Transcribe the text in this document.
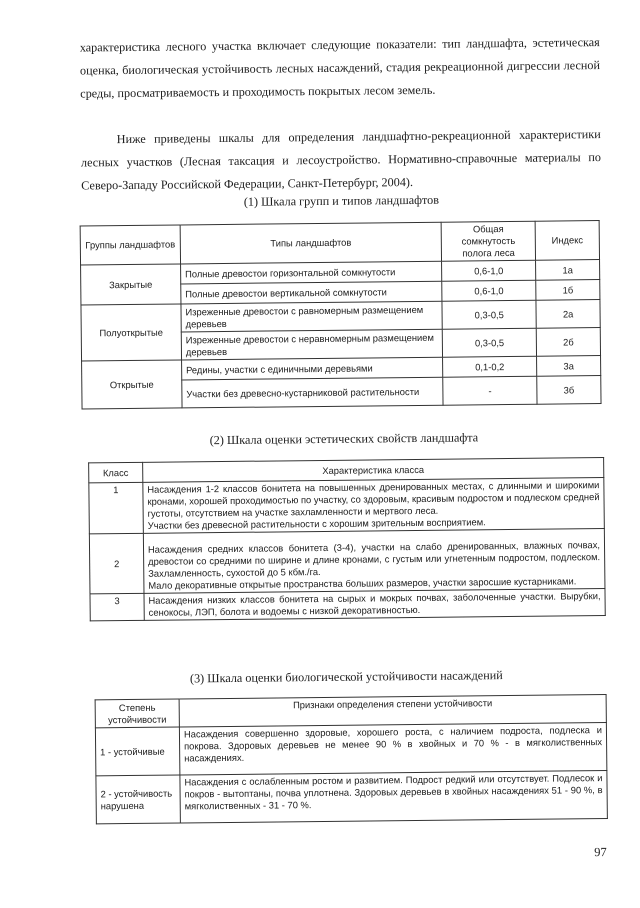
характеристика лесного участка включает следующие показатели: тип ландшафта, эстетическая оценка, биологическая устойчивость лесных насаждений, стадия рекреационной дигрессии лесной среды, просматриваемость и проходимость покрытых лесом земель.
Ниже приведены шкалы для определения ландшафтно-рекреационной характеристики лесных участков (Лесная таксация и лесоустройство. Нормативно-справочные материалы по Северо-Западу Российской Федерации, Санкт-Петербург, 2004).
(1) Шкала групп и типов ландшафтов
Группы ландшафтов	Типы ландшафтов	Общая сомкнутость полога леса	Индекс
Закрытые	Полные древостои горизонтальной сомкнутости	0,6-1,0	1а
	Полные древостои вертикальной сомкнутости	0,6-1,0	1б
Полуоткрытые	Изреженные древостои с равномерным размещением деревьев	0,3-0,5	2а
	Изреженные древостои с неравномерным размещением деревьев	0,3-0,5	2б
Открытые	Редины, участки с единичными деревьями	0,1-0,2	3а
	Участки без древесно-кустарниковой растительности	-	3б
(2) Шкала оценки эстетических свойств ландшафта
Класс	Характеристика класса
1	Насаждения 1-2 классов бонитета на повышенных дренированных местах, с длинными и широкими кронами, хорошей проходимостью по участку, со здоровым, красивым подростом и подлеском средней густоты, отсутствием на участке захламленности и мертвого леса.
Участки без древесной растительности с хорошим зрительным восприятием.

2	Насаждения средних классов бонитета (3-4), участки на слабо дренированных, влажных почвах, древостои со средними по ширине и длине кронами, с густым или угнетенным подростом, подлеском. Захламленность, сухостой до 5 кбм./га.
Мало декоративные открытые пространства больших размеров, участки заросшие кустарниками.

3	Насаждения низких классов бонитета на сырых и мокрых почвах, заболоченные участки. Вырубки, сенокосы, ЛЭП, болота и водоемы с низкой декоративностью.
(3) Шкала оценки биологической устойчивости насаждений
Степень устойчивости	Признаки определения степени устойчивости
1 - устойчивые	Насаждения совершенно здоровые, хорошего роста, с наличием подроста, подлеска и покрова. Здоровых деревьев не менее 90 % в хвойных и 70 % - в мягколиственных насаждениях.
2 - устойчивость нарушена	Насаждения с ослабленным ростом и развитием. Подрост редкий или отсутствует. Подлесок и покров - вытоптаны, почва уплотнена. Здоровых деревьев в хвойных насаждениях 51 - 90 %, в мягколиственных - 31 - 70 %.
97
